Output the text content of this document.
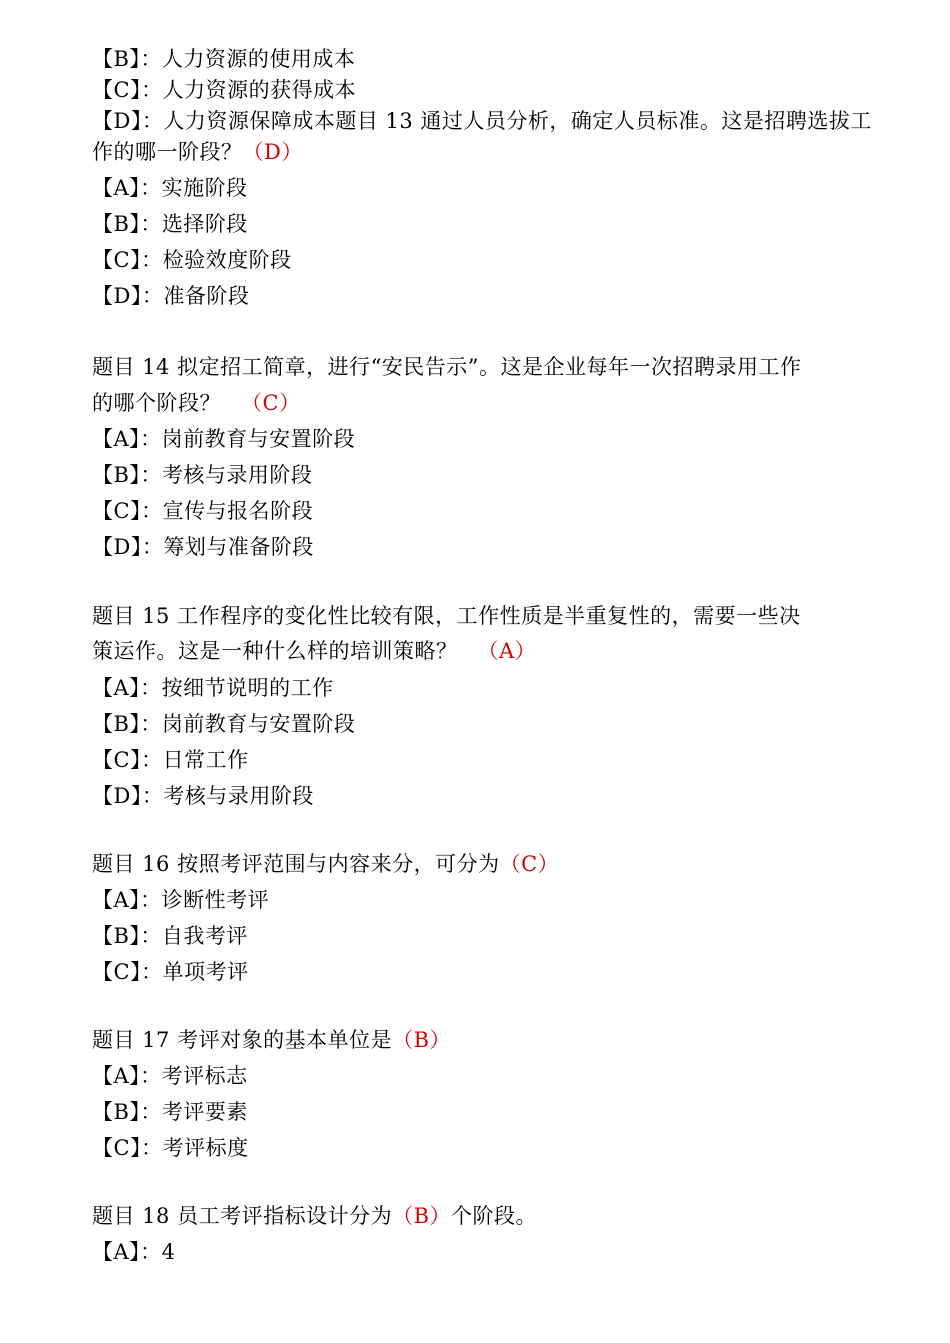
【B】：人力资源的使用成本
【C】：人力资源的获得成本
【D】：人力资源保障成本题目 13 通过人员分析，确定人员标准。这是招聘选拔工
作的哪一阶段？（D）
【A】：实施阶段
【B】：选择阶段
【C】：检验效度阶段
【D】：准备阶段
题目 14 拟定招工简章，进行“安民告示”。这是企业每年一次招聘录用工作
的哪个阶段？ （C）
【A】：岗前教育与安置阶段
【B】：考核与录用阶段
【C】：宣传与报名阶段
【D】：筹划与准备阶段
题目 15 工作程序的变化性比较有限，工作性质是半重复性的，需要一些决
策运作。这是一种什么样的培训策略？ （A）
【A】：按细节说明的工作
【B】：岗前教育与安置阶段
【C】：日常工作
【D】：考核与录用阶段
题目 16 按照考评范围与内容来分，可分为（C）
【A】：诊断性考评
【B】：自我考评
【C】：单项考评
题目 17 考评对象的基本单位是（B）
【A】：考评标志
【B】：考评要素
【C】：考评标度
题目 18 员工考评指标设计分为（B）个阶段。
【A】：4
